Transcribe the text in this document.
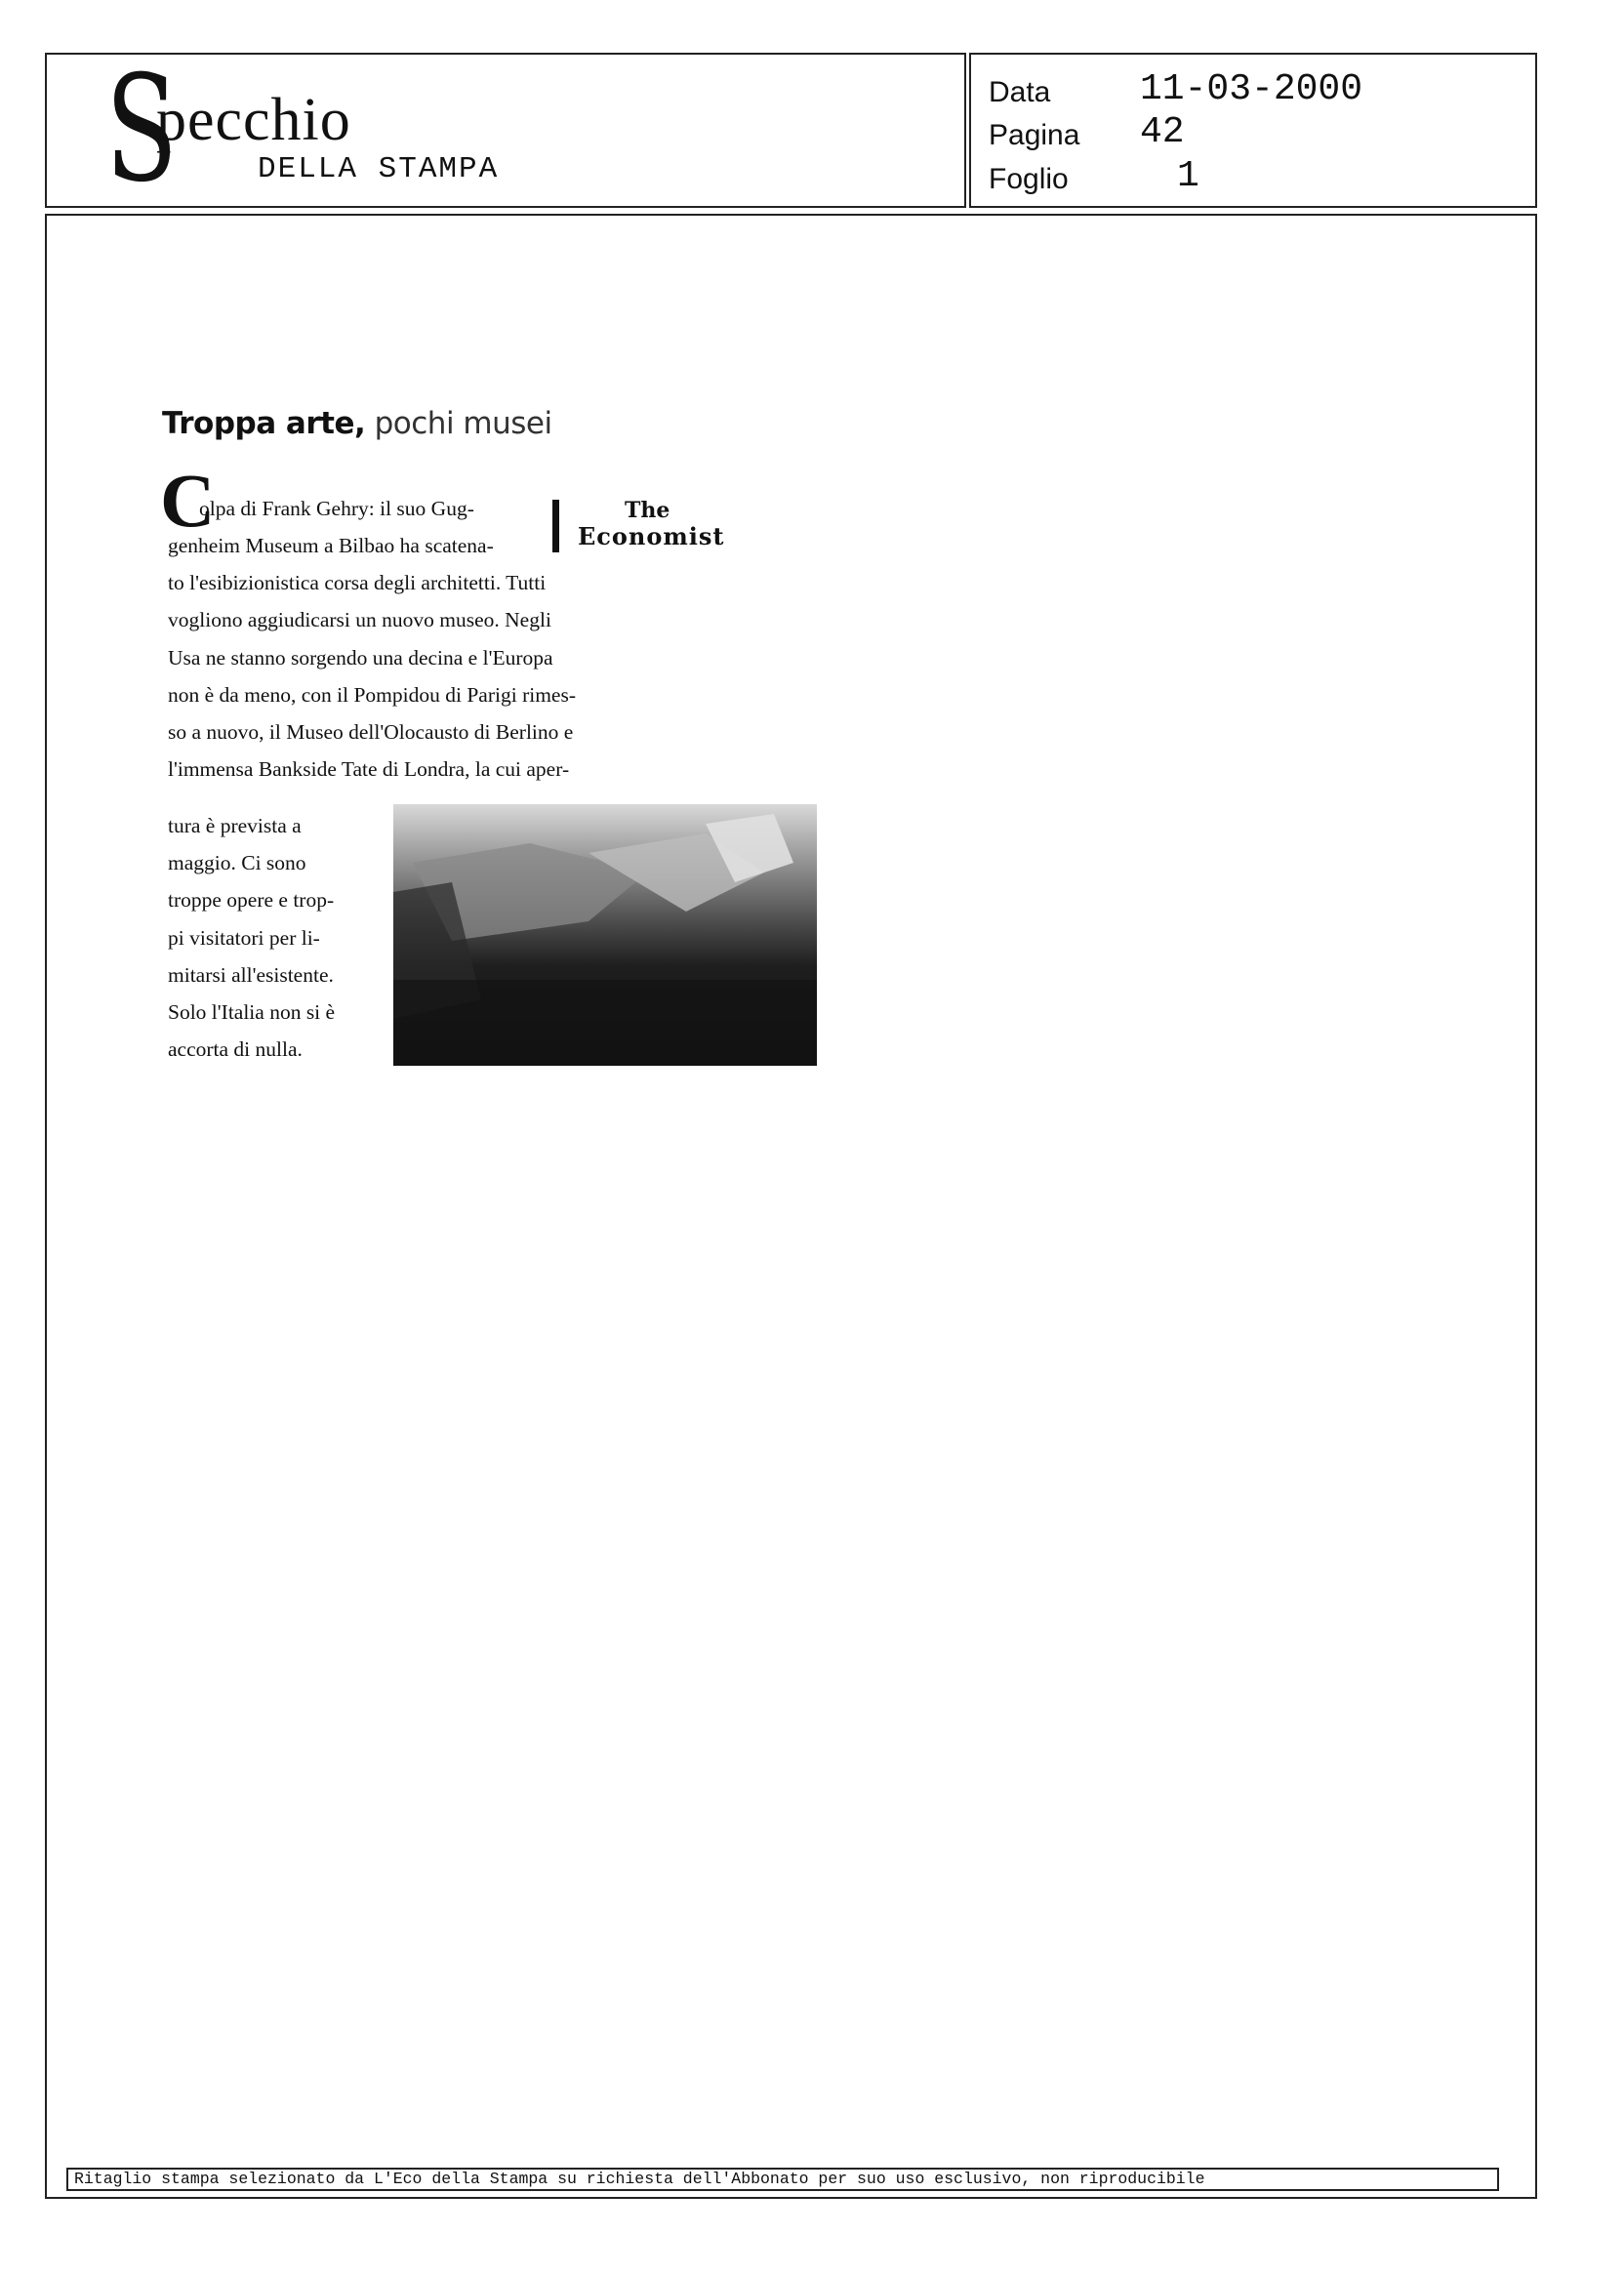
S
pecchio
DELLA STAMPA
Data 11-03-2000
Pagina 42
Foglio	1
Troppa arte, pochi musei
The
Economist
C
olpa di Frank Gehry: il suo Gug-
genheim Museum a Bilbao ha scatena-
to l'esibizionistica corsa degli architetti. Tutti
vogliono aggiudicarsi un nuovo museo. Negli
Usa ne stanno sorgendo una decina e l'Europa
non è da meno, con il Pompidou di Parigi rimes-
so a nuovo, il Museo dell'Olocausto di Berlino e
l'immensa Bankside Tate di Londra, la cui aper-
tura è prevista a
maggio. Ci sono
troppe opere e trop-
pi visitatori per li-
mitarsi all'esistente.
Solo l'Italia non si è
accorta di nulla.
Ritaglio stampa selezionato da L'Eco della Stampa su richiesta dell'Abbonato per suo uso esclusivo, non riproducibile
